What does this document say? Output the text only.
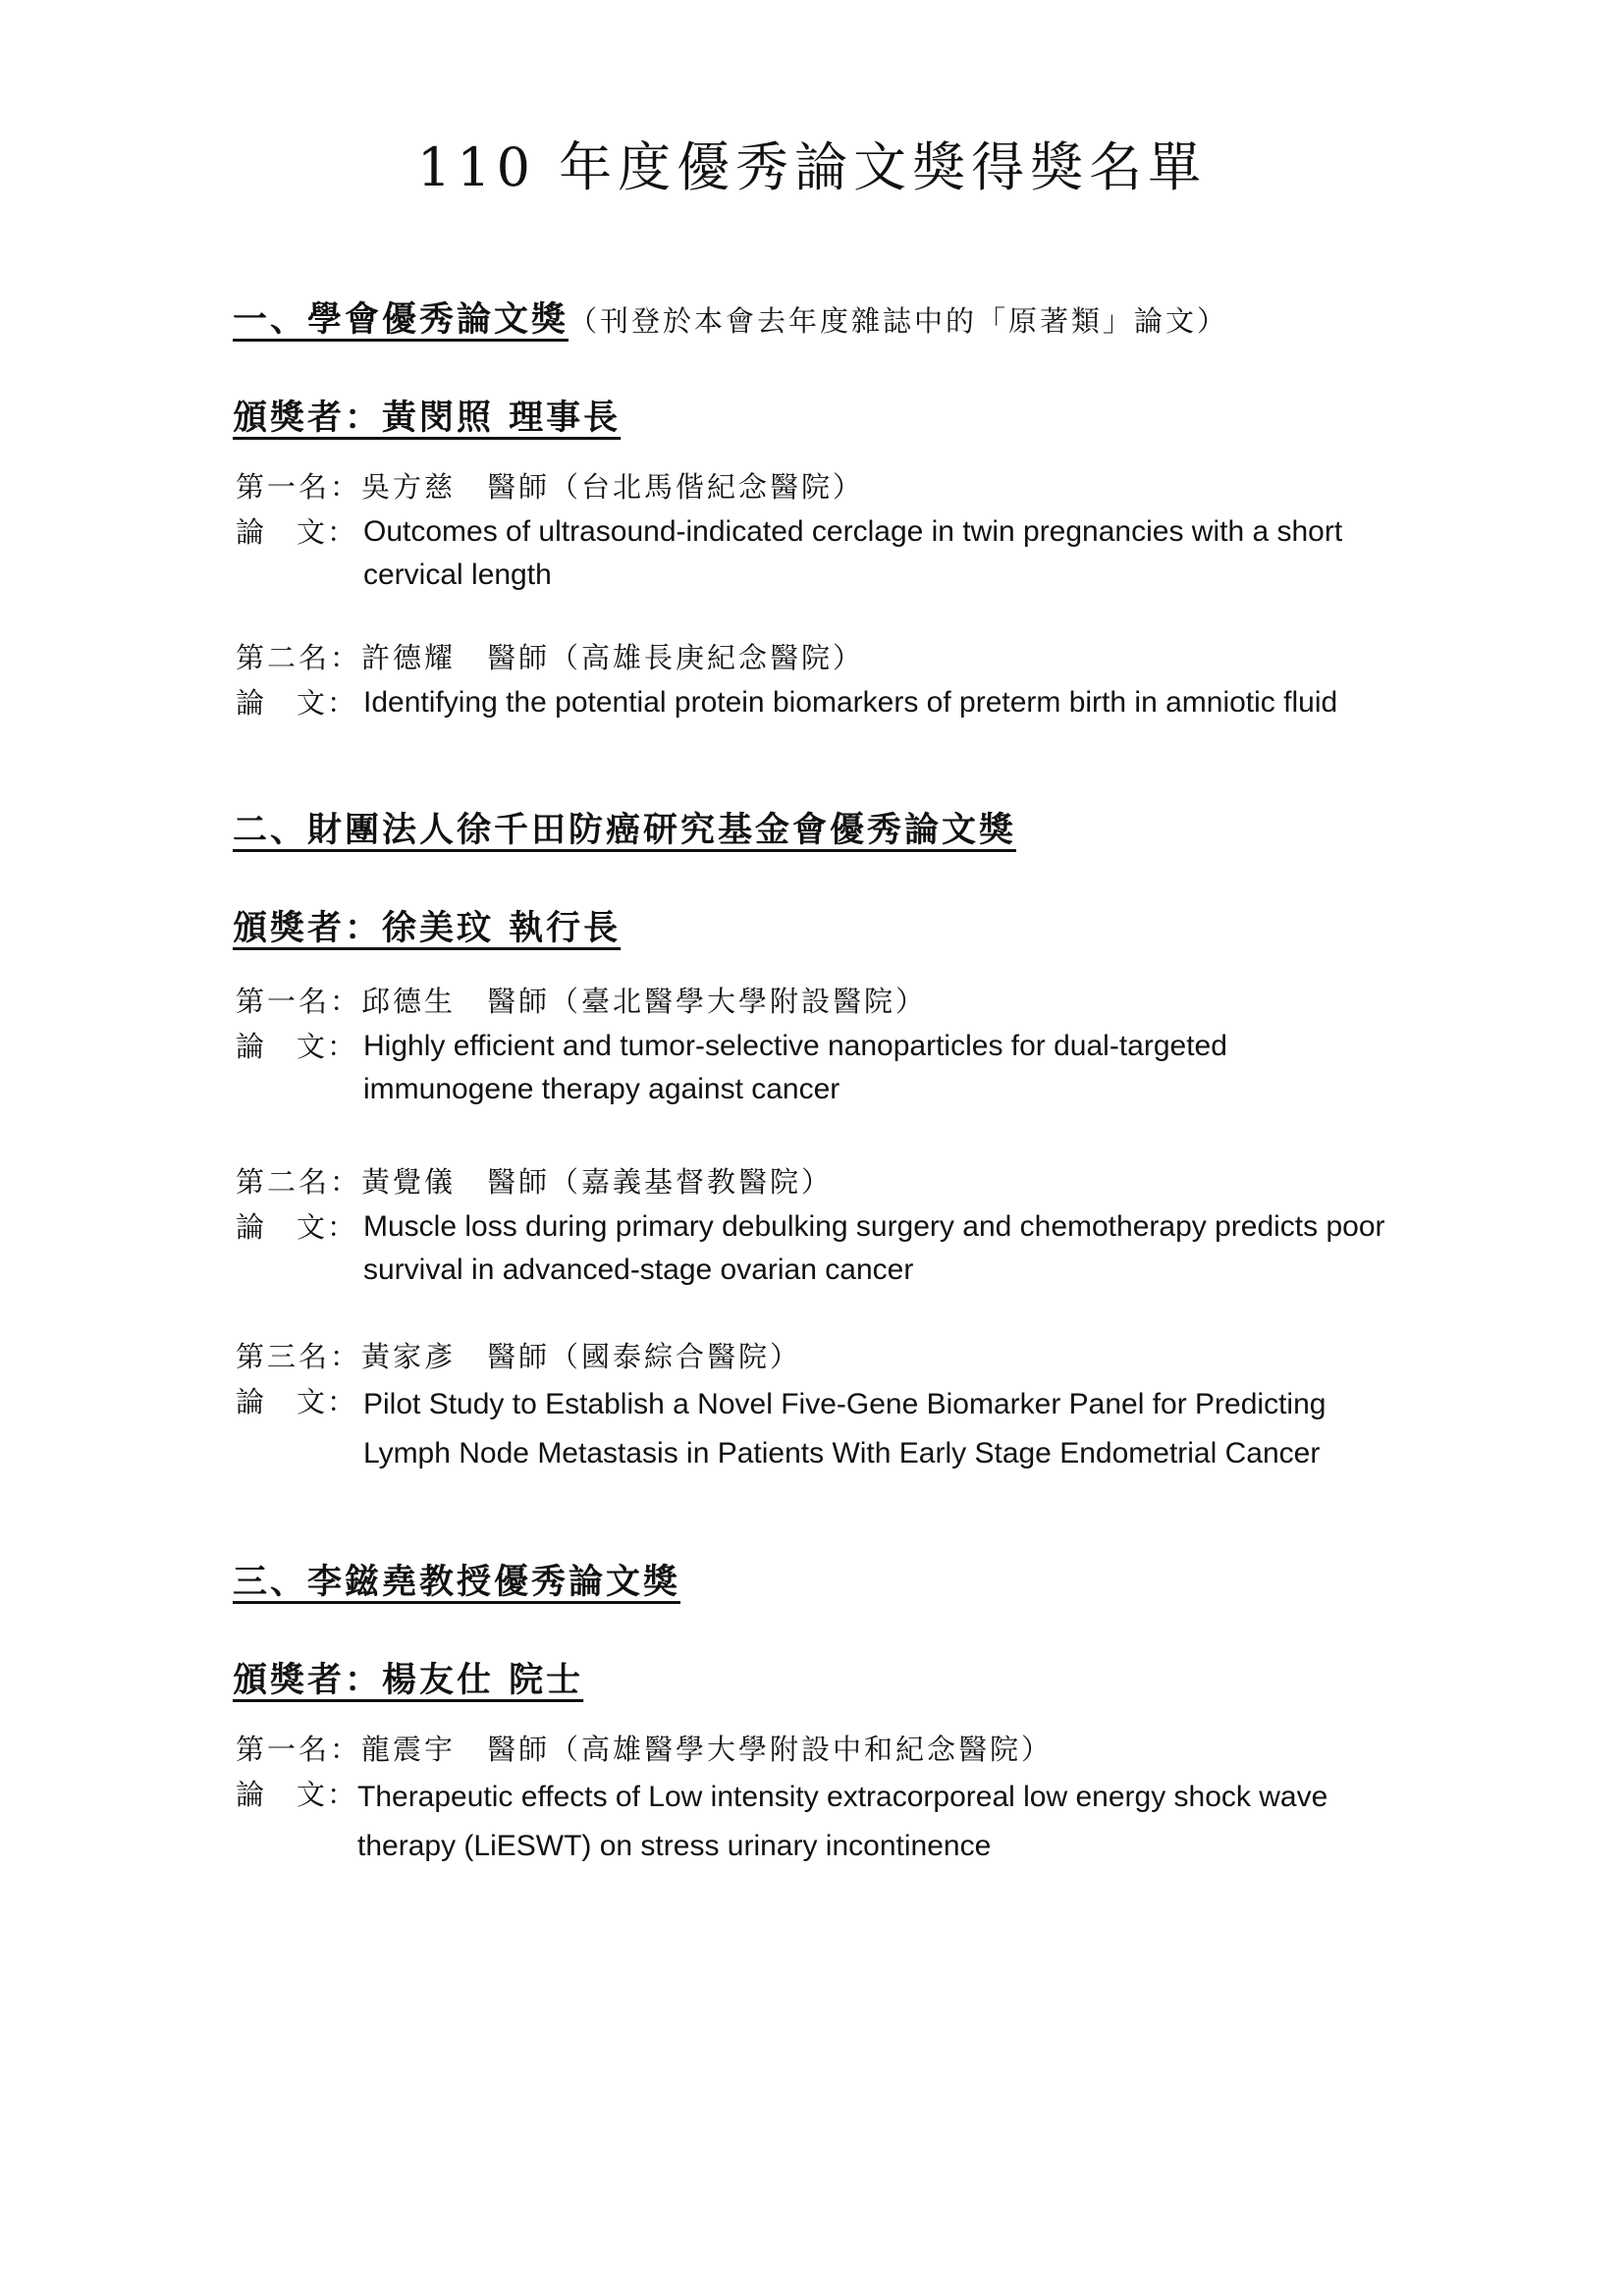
110 年度優秀論文獎得獎名單
一、學會優秀論文獎（刊登於本會去年度雜誌中的「原著類」論文）
頒獎者：黃閔照 理事長
第一名：吳方慈　醫師（台北馬偕紀念醫院）
論　文： Outcomes of ultrasound-indicated cerclage in twin pregnancies with a short cervical length
第二名：許德耀　醫師（高雄長庚紀念醫院）
論　文： Identifying the potential protein biomarkers of preterm birth in amniotic fluid
二、財團法人徐千田防癌研究基金會優秀論文獎
頒獎者：徐美玟 執行長
第一名：邱德生　醫師（臺北醫學大學附設醫院）
論　文： Highly efficient and tumor-selective nanoparticles for dual-targeted immunogene therapy against cancer
第二名：黃覺儀　醫師（嘉義基督教醫院）
論　文： Muscle loss during primary debulking surgery and chemotherapy predicts poor survival in advanced-stage ovarian cancer
第三名：黃家彥　醫師（國泰綜合醫院）
論　文： Pilot Study to Establish a Novel Five-Gene Biomarker Panel for Predicting Lymph Node Metastasis in Patients With Early Stage Endometrial Cancer
三、李鎡堯教授優秀論文獎
頒獎者：楊友仕 院士
第一名：龍震宇　醫師（高雄醫學大學附設中和紀念醫院）
論　文： Therapeutic effects of Low intensity extracorporeal low energy shock wave therapy (LiESWT) on stress urinary incontinence
